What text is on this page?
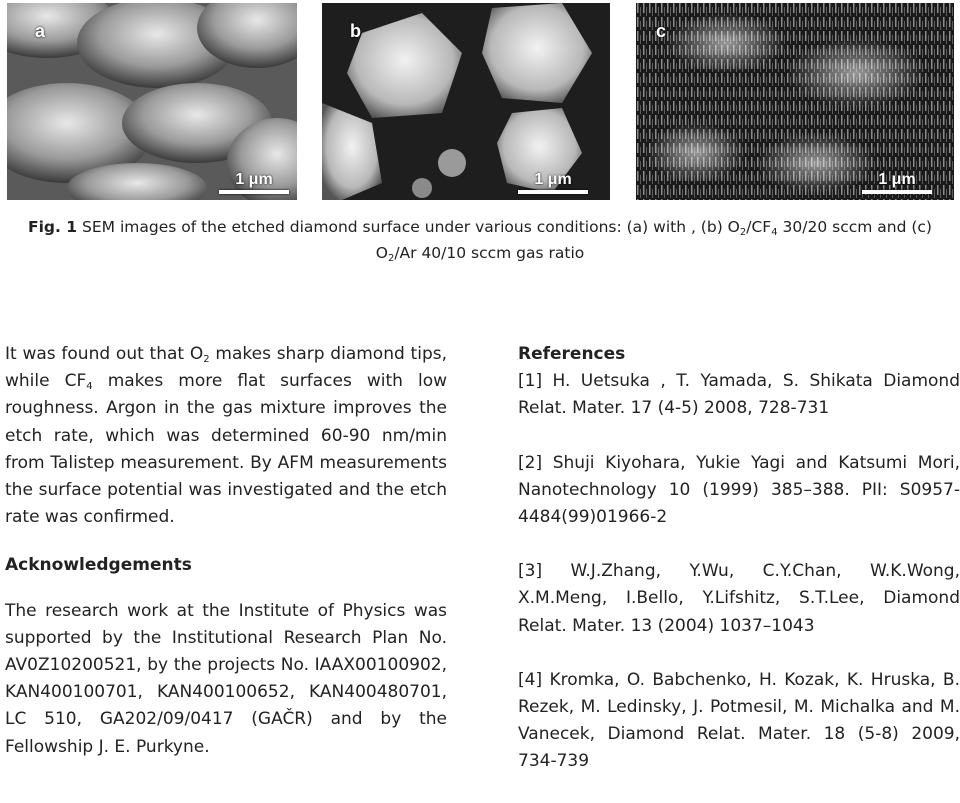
a
1 μm
b
1 μm
c
1 μm
Fig. 1 SEM images of the etched diamond surface under various conditions: (a) with , (b) $O_2/CF_4$ 30/20 sccm and (c)
$O_2/Ar$ 40/10 sccm gas ratio

It was found out that $O_2$ makes sharp diamond tips, while $CF_4$ makes more flat surfaces with low roughness. Argon in the gas mixture improves the etch rate, which was determined 60-90 nm/min from Talistep measurement. By AFM measurements the surface potential was investigated and the etch rate was confirmed.

Acknowledgements

The research work at the Institute of Physics was supported by the Institutional Research Plan No. AV0Z10200521, by the projects No. IAAX00100902, KAN400100701, KAN400100652, KAN400480701, LC 510, GA202/09/0417 (GAČR) and by the Fellowship J. E. Purkyne.

References

[1] H. Uetsuka , T. Yamada, S. Shikata Diamond Relat. Mater. 17 (4-5) 2008, 728-731

[2] Shuji Kiyohara, Yukie Yagi and Katsumi Mori, Nanotechnology 10 (1999) 385–388. PII: S0957-4484(99)01966-2

[3] W.J.Zhang, Y.Wu, C.Y.Chan, W.K.Wong, X.M.Meng, I.Bello, Y.Lifshitz, S.T.Lee, Diamond Relat. Mater. 13 (2004) 1037–1043

[4] Kromka, O. Babchenko, H. Kozak, K. Hruska, B. Rezek, M. Ledinsky, J. Potmesil, M. Michalka and M. Vanecek, Diamond Relat. Mater. 18 (5-8) 2009, 734-739
